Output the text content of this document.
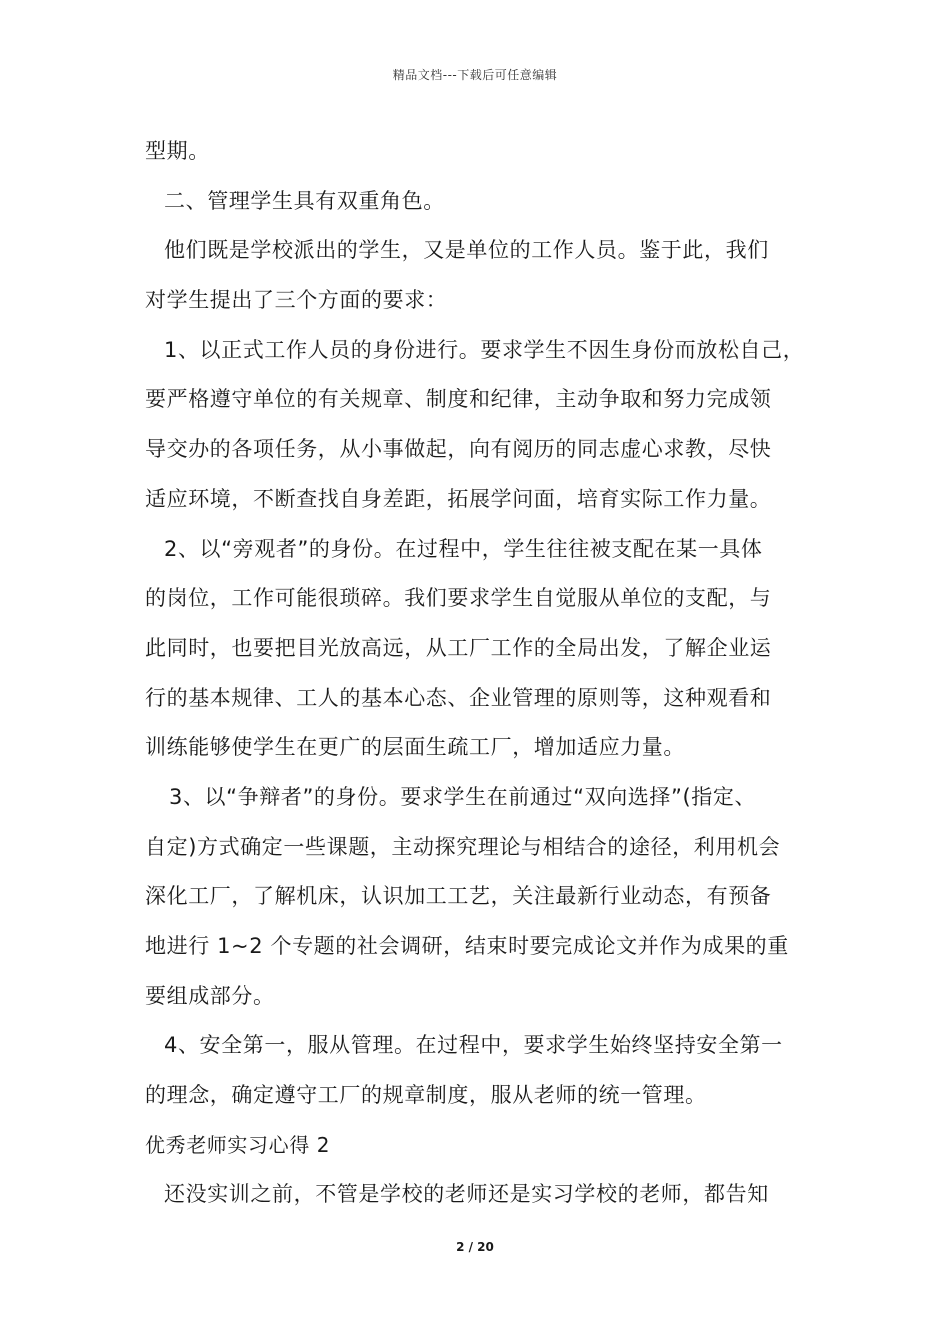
精品文档---下载后可任意编辑
型期。
二、管理学生具有双重角色。
他们既是学校派出的学生，又是单位的工作人员。鉴于此，我们
对学生提出了三个方面的要求：
1、以正式工作人员的身份进行。要求学生不因生身份而放松自己，
要严格遵守单位的有关规章、制度和纪律，主动争取和努力完成领
导交办的各项任务，从小事做起，向有阅历的同志虚心求教，尽快
适应环境，不断查找自身差距，拓展学问面，培育实际工作力量。
2、以“旁观者”的身份。在过程中，学生往往被支配在某一具体
的岗位，工作可能很琐碎。我们要求学生自觉服从单位的支配，与
此同时，也要把目光放高远，从工厂工作的全局出发，了解企业运
行的基本规律、工人的基本心态、企业管理的原则等，这种观看和
训练能够使学生在更广的层面生疏工厂，增加适应力量。
3、以“争辩者”的身份。要求学生在前通过“双向选择”(指定、
自定)方式确定一些课题，主动探究理论与相结合的途径，利用机会
深化工厂，了解机床，认识加工工艺，关注最新行业动态，有预备
地进行 1~2 个专题的社会调研，结束时要完成论文并作为成果的重
要组成部分。
4、安全第一，服从管理。在过程中，要求学生始终坚持安全第一
的理念，确定遵守工厂的规章制度，服从老师的统一管理。
优秀老师实习心得 2
还没实训之前，不管是学校的老师还是实习学校的老师，都告知
2 / 20
